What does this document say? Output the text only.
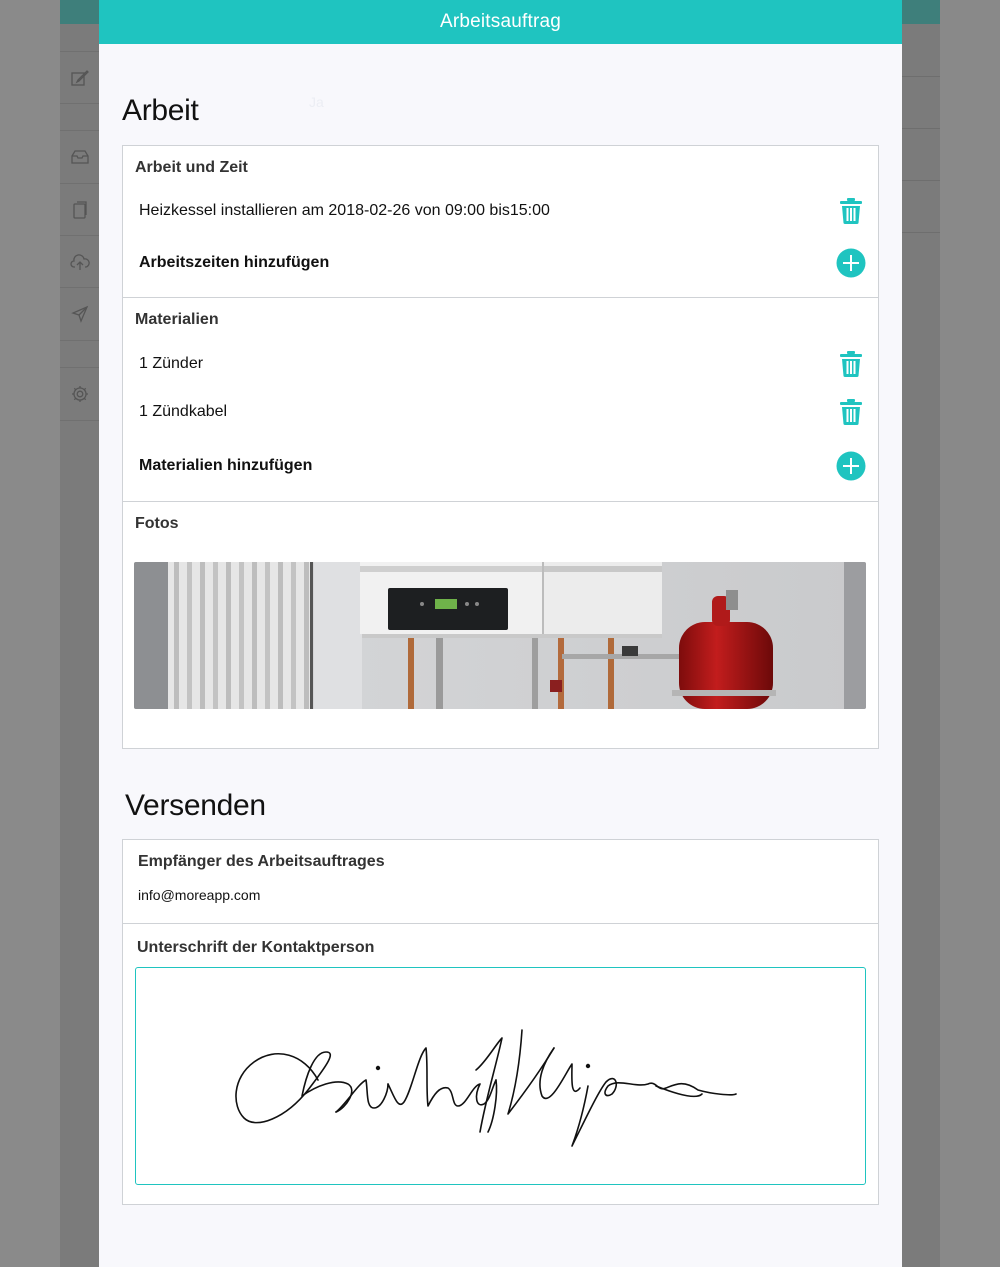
Arbeitsauftrag
Ja
Arbeit
Arbeit und Zeit
Heizkessel installieren am 2018-02-26 von 09:00 bis15:00
Arbeitszeiten hinzufügen
Materialien
1 Zünder
1 Zündkabel
Materialien hinzufügen
Fotos
Versenden
Empfänger des Arbeitsauftrages
info@moreapp.com
Unterschrift der Kontaktperson
